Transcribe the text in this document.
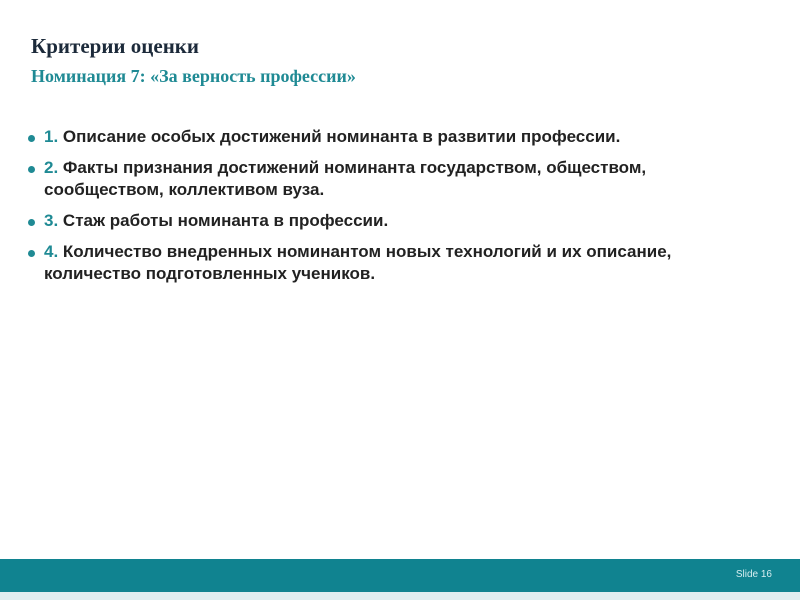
Критерии оценки
Номинация 7: «За верность профессии»
1. Описание особых достижений номинанта в развитии профессии.
2. Факты признания достижений номинанта государством, обществом, сообществом, коллективом вуза.
3. Стаж работы номинанта в профессии.
4. Количество внедренных номинантом новых технологий и их описание, количество подготовленных учеников.
Slide 16
